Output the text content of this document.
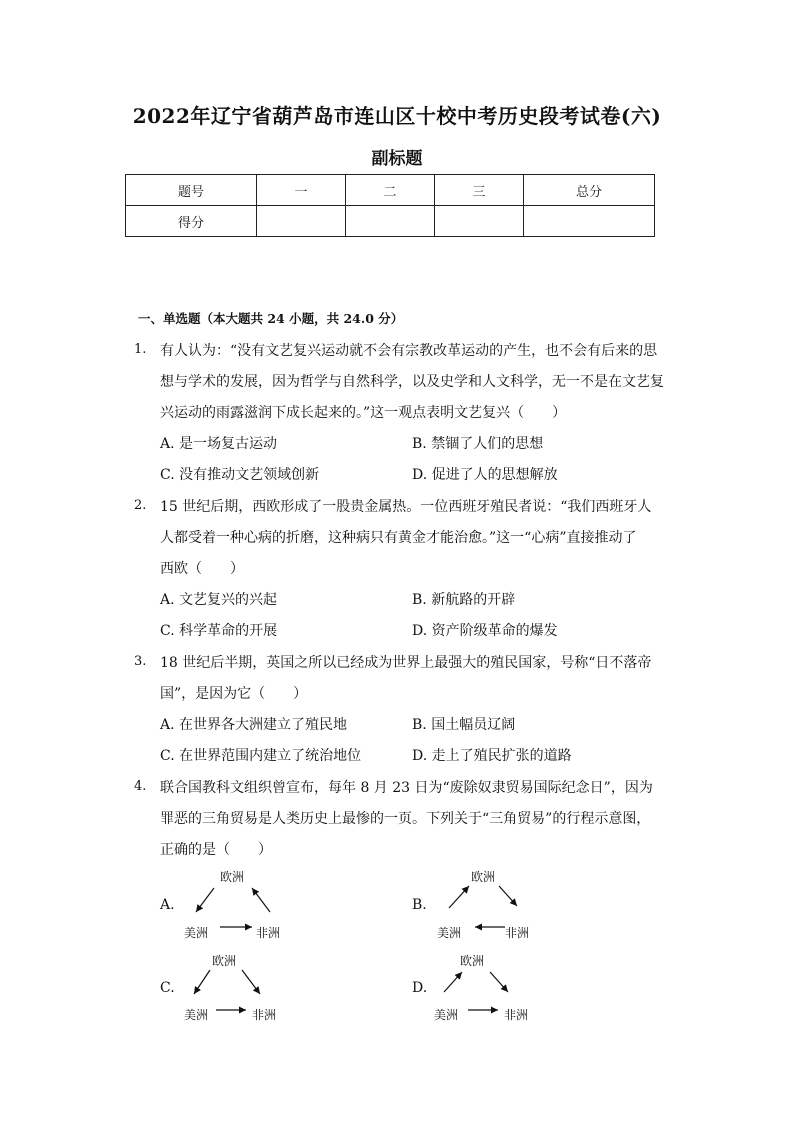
2022年辽宁省葫芦岛市连山区十校中考历史段考试卷(六)
副标题
题号	一	二	三	总分
得分				
一、单选题（本大题共 24 小题，共 24.0 分）
1. 有人认为：“没有文艺复兴运动就不会有宗教改革运动的产生，也不会有后来的思
想与学术的发展，因为哲学与自然科学，以及史学和人文科学，无一不是在文艺复
兴运动的雨露滋润下成长起来的。”这一观点表明文艺复兴（　　）
A. 是一场复古运动	B. 禁锢了人们的思想
C. 没有推动文艺领域创新	D. 促进了人的思想解放
2. 15 世纪后期，西欧形成了一股贵金属热。一位西班牙殖民者说：“我们西班牙人
人都受着一种心病的折磨，这种病只有黄金才能治愈。”这一“心病”直接推动了
西欧（　　）
A. 文艺复兴的兴起	B. 新航路的开辟
C. 科学革命的开展	D. 资产阶级革命的爆发
3. 18 世纪后半期，英国之所以已经成为世界上最强大的殖民国家，号称“日不落帝
国”，是因为它（　　）
A. 在世界各大洲建立了殖民地	B. 国土幅员辽阔
C. 在世界范围内建立了统治地位	D. 走上了殖民扩张的道路
4. 联合国教科文组织曾宣布，每年 8 月 23 日为“废除奴隶贸易国际纪念日”，因为
罪恶的三角贸易是人类历史上最惨的一页。下列关于“三角贸易”的行程示意图，
正确的是（　　）
A.
欧洲
美洲	非洲
B.
欧洲
美洲	非洲
C.
欧洲
美洲	非洲
D.
欧洲
美洲	非洲
